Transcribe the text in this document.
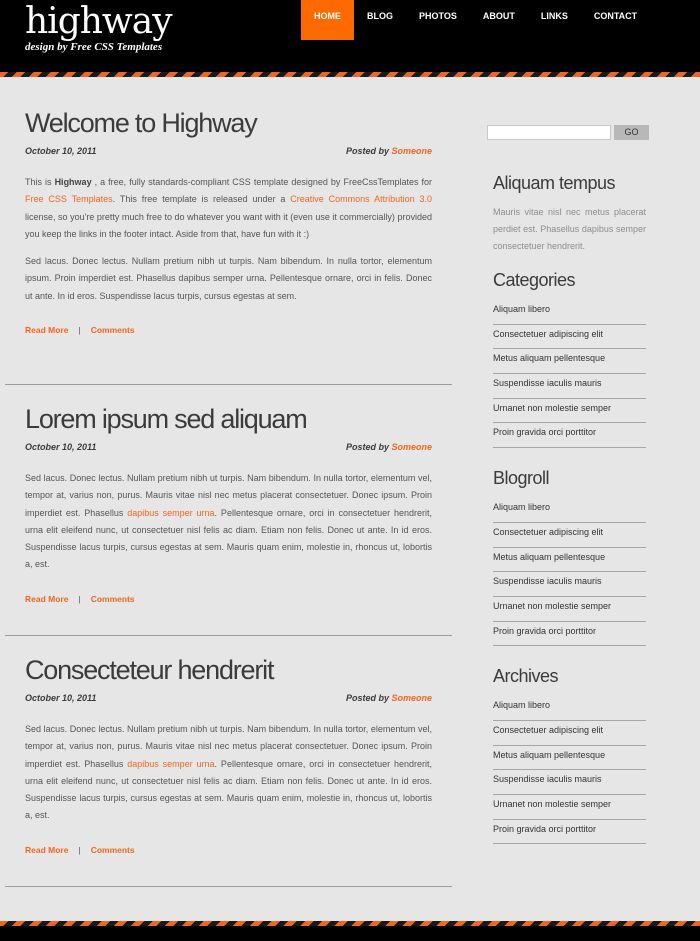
highway
design by Free CSS Templates
HOME	BLOG	PHOTOS	ABOUT	LINKS	CONTACT
Welcome to Highway
October 10, 2011	Posted by Someone

This is Highway , a free, fully standards-compliant CSS template designed by FreeCssTemplates for Free CSS Templates. This free template is released under a Creative Commons Attribution 3.0 license, so you're pretty much free to do whatever you want with it (even use it commercially) provided you keep the links in the footer intact. Aside from that, have fun with it :)

Sed lacus. Donec lectus. Nullam pretium nibh ut turpis. Nam bibendum. In nulla tortor, elementum ipsum. Proin imperdiet est. Phasellus dapibus semper urna. Pellentesque ornare, orci in felis. Donec ut ante. In id eros. Suspendisse lacus turpis, cursus egestas at sem.

Read More | Comments
Lorem ipsum sed aliquam
October 10, 2011	Posted by Someone

Sed lacus. Donec lectus. Nullam pretium nibh ut turpis. Nam bibendum. In nulla tortor, elementum vel, tempor at, varius non, purus. Mauris vitae nisl nec metus placerat consectetuer. Donec ipsum. Proin imperdiet est. Phasellus dapibus semper urna. Pellentesque ornare, orci in consectetuer hendrerit, urna elit eleifend nunc, ut consectetuer nisl felis ac diam. Etiam non felis. Donec ut ante. In id eros. Suspendisse lacus turpis, cursus egestas at sem. Mauris quam enim, molestie in, rhoncus ut, lobortis a, est.

Read More | Comments
Consecteteur hendrerit
October 10, 2011	Posted by Someone

Sed lacus. Donec lectus. Nullam pretium nibh ut turpis. Nam bibendum. In nulla tortor, elementum vel, tempor at, varius non, purus. Mauris vitae nisl nec metus placerat consectetuer. Donec ipsum. Proin imperdiet est. Phasellus dapibus semper urna. Pellentesque ornare, orci in consectetuer hendrerit, urna elit eleifend nunc, ut consectetuer nisl felis ac diam. Etiam non felis. Donec ut ante. In id eros. Suspendisse lacus turpis, cursus egestas at sem. Mauris quam enim, molestie in, rhoncus ut, lobortis a, est.

Read More | Comments
GO
Aliquam tempus

Mauris vitae nisl nec metus placerat perdiet est. Phasellus dapibus semper consectetuer hendrerit.

Categories
Aliquam libero
Consectetuer adipiscing elit
Metus aliquam pellentesque
Suspendisse iaculis mauris
Urnanet non molestie semper
Proin gravida orci porttitor
Blogroll
Aliquam libero
Consectetuer adipiscing elit
Metus aliquam pellentesque
Suspendisse iaculis mauris
Urnanet non molestie semper
Proin gravida orci porttitor
Archives
Aliquam libero
Consectetuer adipiscing elit
Metus aliquam pellentesque
Suspendisse iaculis mauris
Urnanet non molestie semper
Proin gravida orci porttitor
